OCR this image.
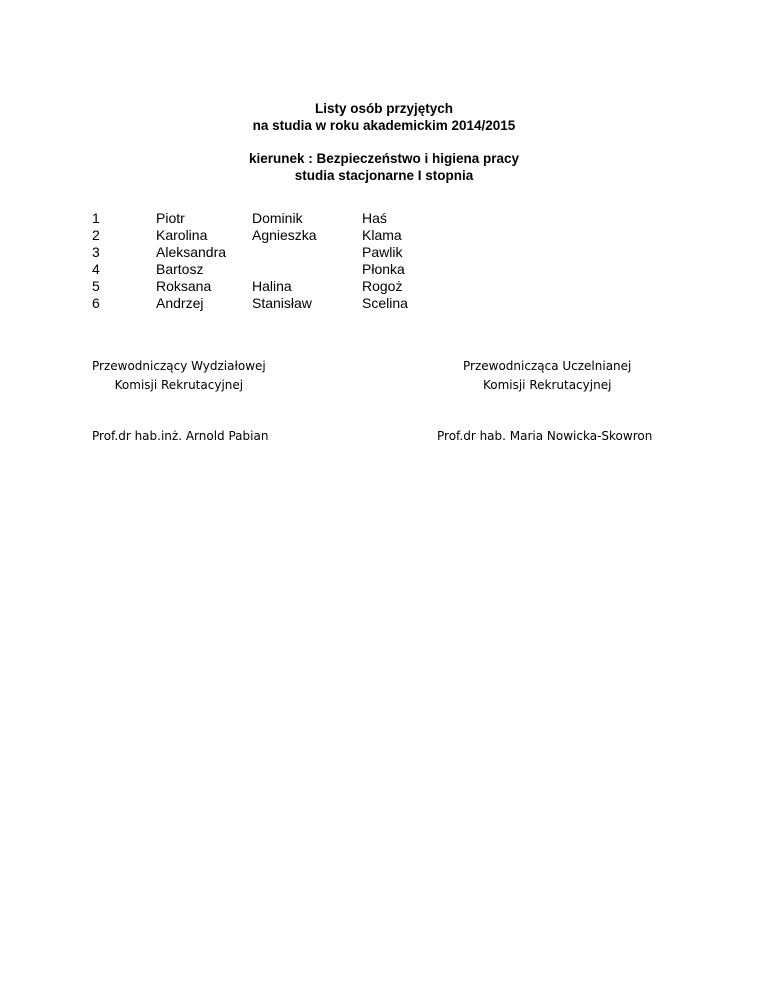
Listy osób przyjętych
na studia w roku akademickim 2014/2015
kierunek : Bezpieczeństwo i higiena pracy
studia stacjonarne I stopnia
1	Piotr	Dominik	Haś
2	Karolina	Agnieszka	Klama
3	Aleksandra		Pawlik
4	Bartosz		Płonka
5	Roksana	Halina	Rogoż
6	Andrzej	Stanisław	Scelina
Przewodniczący Wydziałowej
Komisji Rekrutacyjnej
Przewodnicząca Uczelnianej
Komisji Rekrutacyjnej
Prof.dr hab.inż. Arnold Pabian	Prof.dr hab. Maria Nowicka-Skowron
